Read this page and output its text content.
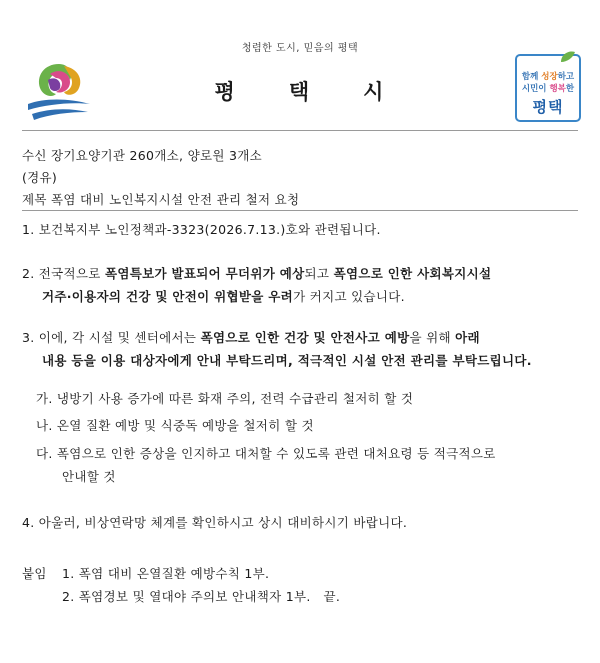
청렴한 도시, 믿음의 평택
평 택 시
함께 성장하고
시민이 행복한
평택
수신 장기요양기관 260개소, 양로원 3개소
(경유)
제목 폭염 대비 노인복지시설 안전 관리 철저 요청
1. 보건복지부 노인정책과-3323(2026.7.13.)호와 관련됩니다.
2. 전국적으로 폭염특보가 발표되어 무더위가 예상되고 폭염으로 인한 사회복지시설
거주·이용자의 건강 및 안전이 위협받을 우려가 커지고 있습니다.
3. 이에, 각 시설 및 센터에서는 폭염으로 인한 건강 및 안전사고 예방을 위해 아래
내용 등을 이용 대상자에게 안내 부탁드리며, 적극적인 시설 안전 관리를 부탁드립니다.
가. 냉방기 사용 증가에 따른 화재 주의, 전력 수급관리 철저히 할 것
나. 온열 질환 예방 및 식중독 예방을 철저히 할 것
다. 폭염으로 인한 증상을 인지하고 대처할 수 있도록 관련 대처요령 등 적극적으로
안내할 것
4. 아울러, 비상연락망 체계를 확인하시고 상시 대비하시기 바랍니다.
붙임 1. 폭염 대비 온열질환 예방수칙 1부.
2. 폭염경보 및 열대야 주의보 안내책자 1부. 끝.
